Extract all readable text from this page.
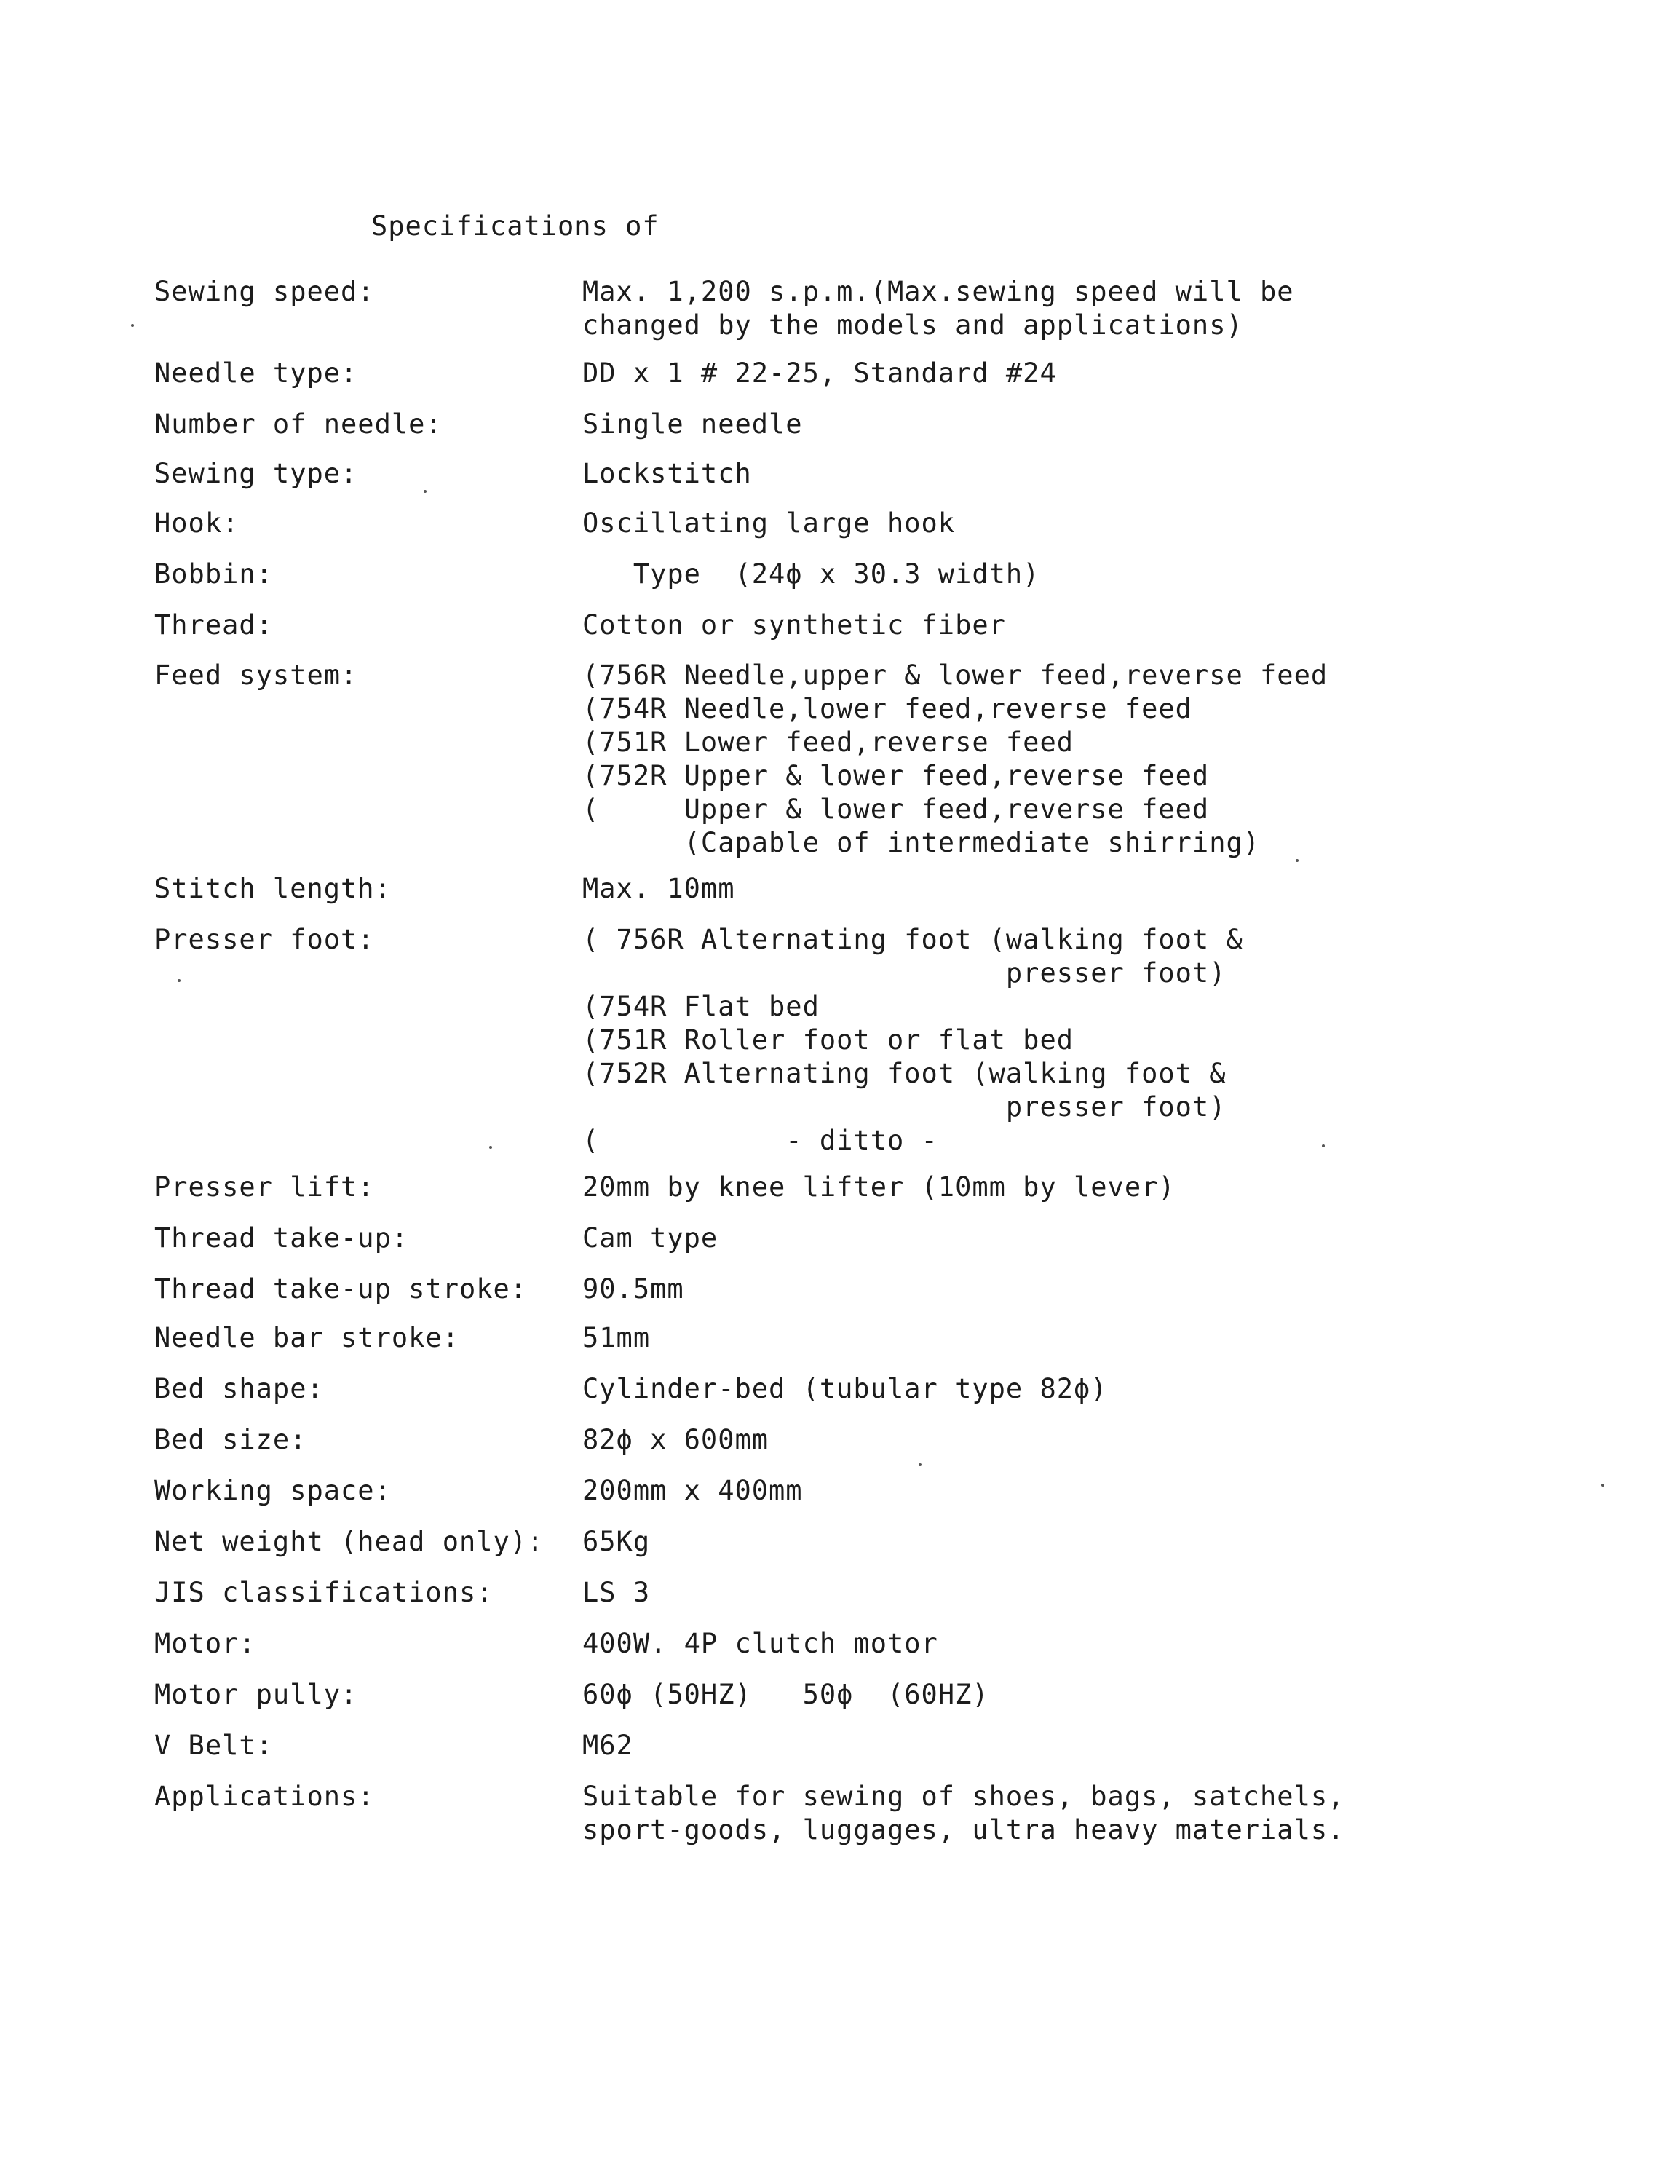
Specifications of
Sewing speed:	Max. 1,200 s.p.m.(Max.sewing speed will be
changed by the models and applications)
Needle type:	DD x 1 # 22-25, Standard #24
Number of needle:	Single needle
Sewing type:	Lockstitch
Hook:	Oscillating large hook
Bobbin:	Type  (24ϕ x 30.3 width)
Thread:	Cotton or synthetic fiber
Feed system:	(756R Needle,upper & lower feed,reverse feed
(754R Needle,lower feed,reverse feed
(751R Lower feed,reverse feed
(752R Upper & lower feed,reverse feed
(     Upper & lower feed,reverse feed
(Capable of intermediate shirring)
Stitch length:	Max. 10mm
Presser foot:	( 756R Alternating foot (walking foot &
presser foot)
(754R Flat bed
(751R Roller foot or flat bed
(752R Alternating foot (walking foot &
presser foot)
(           - ditto -
Presser lift:	20mm by knee lifter (10mm by lever)
Thread take-up:	Cam type
Thread take-up stroke: 90.5mm
Needle bar stroke:	51mm
Bed shape:	Cylinder-bed (tubular type 82ϕ)
Bed size:	82ϕ x 600mm
Working space:	200mm x 400mm
Net weight (head only): 65Kg
JIS classifications:	LS 3
Motor:	400W. 4P clutch motor
Motor pully:	60ϕ (50HZ)   50ϕ  (60HZ)
V Belt:	M62
Applications:	Suitable for sewing of shoes, bags, satchels,
sport-goods, luggages, ultra heavy materials.
